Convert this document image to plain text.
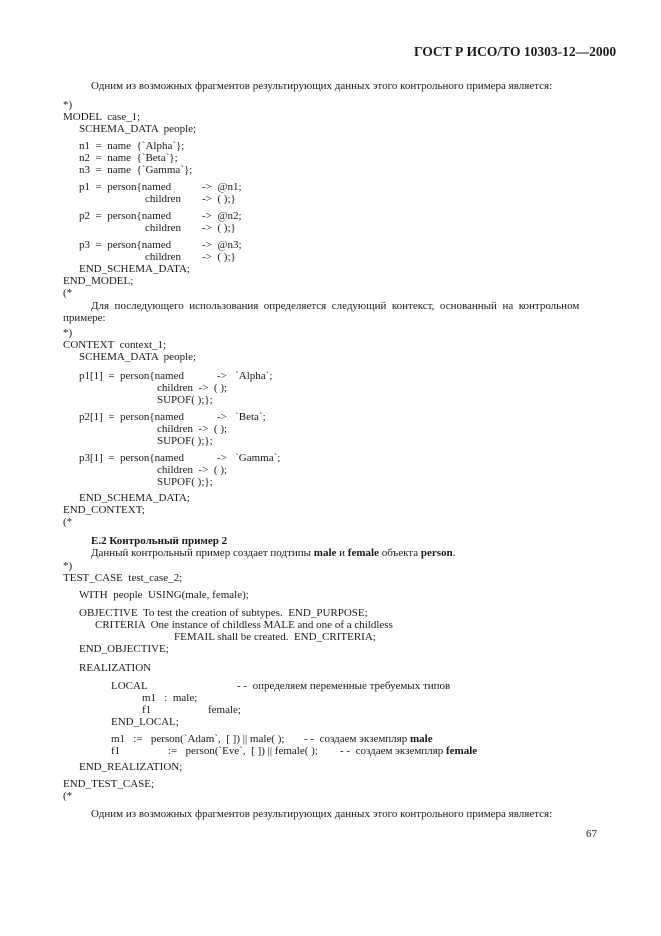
ГОСТ Р ИСО/ТО 10303-12—2000
Одним из возможных фрагментов результирующих данных этого контрольного примера является:
*)
MODEL  case_1;
SCHEMA_DATA  people;
n1  =  name  {`Alpha`};
n2  =  name  {`Beta`};
n3  =  name  {`Gamma`};
p1  =  person{named	->  @n1;
children ->  ( );}
p2  =  person{named	->  @n2;
children ->  ( );}
p3  =  person{named	->  @n3;
children ->  ( );}
END_SCHEMA_DATA;
END_MODEL;
(*
Для  последующего  использования  определяется  следующий  контекст,  основанный  на  контрольном
примере:
*)
CONTEXT  context_1;
SCHEMA_DATA  people;
p1[1]  =  person{named	->   `Alpha`;
children  ->  ( );
SUPOF( );};
p2[1]  =  person{named	->   `Beta`;
children  ->  ( );
SUPOF( );};
p3[1]  =  person{named	->   `Gamma`;
children  ->  ( );
SUPOF( );};
END_SCHEMA_DATA;
END_CONTEXT;
(*
E.2 Контрольный пример 2
Данный контрольный пример создает подтипы male и female объекта person.
*)
TEST_CASE  test_case_2;
WITH  people  USING(male, female);
OBJECTIVE  To test the creation of subtypes.  END_PURPOSE;
CRITERIA  One instance of childless MALE and one of a childless
FEMAIL shall be created.  END_CRITERIA;
END_OBJECTIVE;
REALIZATION
LOCAL	- -  определяем переменные требуемых типов
m1   :  male;
f1	female;
END_LOCAL;
m1   :=   person(`Adam`,  [ ]) || male( ); - -  создаем экземпляр male
f1	:=   person(`Eve`,  [ ]) || female( ); - -  создаем экземпляр female
END_REALIZATION;
END_TEST_CASE;
(*
Одним из возможных фрагментов результирующих данных этого контрольного примера является:
67
